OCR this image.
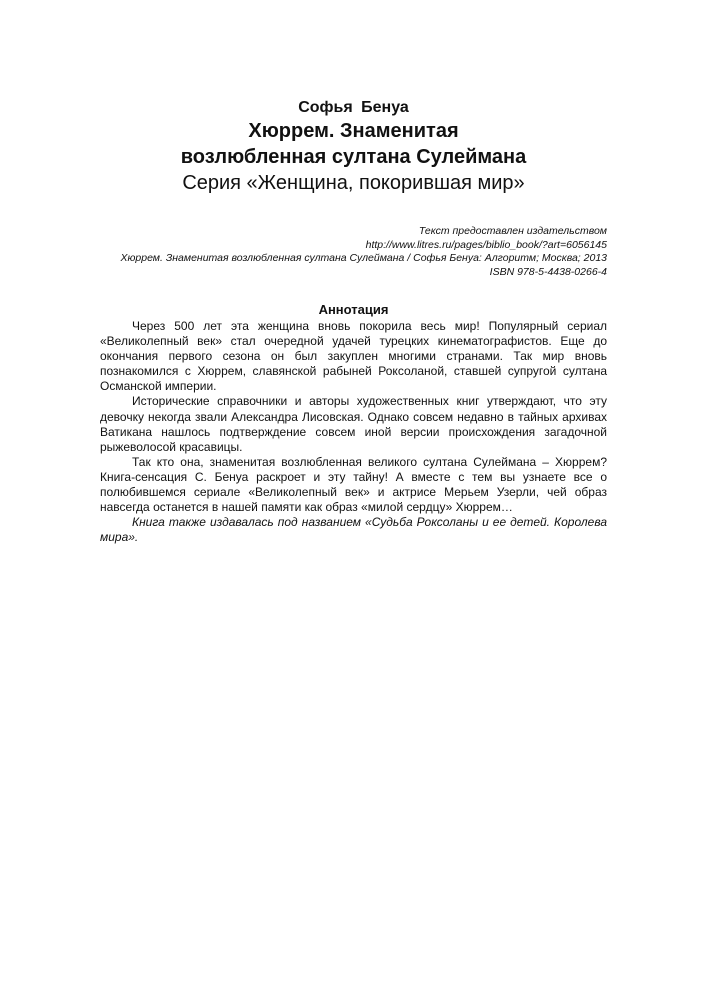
Софья Бенуа
Хюррем. Знаменитая
возлюбленная султана Сулеймана
Серия «Женщина, покорившая мир»
Текст предоставлен издательством
http://www.litres.ru/pages/biblio_book/?art=6056145
Хюррем. Знаменитая возлюбленная султана Сулеймана / Софья Бенуа: Алгоритм; Москва; 2013
ISBN 978-5-4438-0266-4
Аннотация

Через 500 лет эта женщина вновь покорила весь мир! Популярный сериал «Великолепный век» стал очередной удачей турецких кинематографистов. Еще до окончания первого сезона он был закуплен многими странами. Так мир вновь познакомился с Хюррем, славянской рабыней Роксоланой, ставшей супругой султана Османской империи.

Исторические справочники и авторы художественных книг утверждают, что эту девочку некогда звали Александра Лисовская. Однако совсем недавно в тайных архивах Ватикана нашлось подтверждение совсем иной версии происхождения загадочной рыжеволосой красавицы.

Так кто она, знаменитая возлюбленная великого султана Сулеймана – Хюррем? Книга-сенсация С. Бенуа раскроет и эту тайну! А вместе с тем вы узнаете все о полюбившемся сериале «Великолепный век» и актрисе Мерьем Узерли, чей образ навсегда останется в нашей памяти как образ «милой сердцу» Хюррем…

Книга также издавалась под названием «Судьба Роксоланы и ее детей. Королева мира».
